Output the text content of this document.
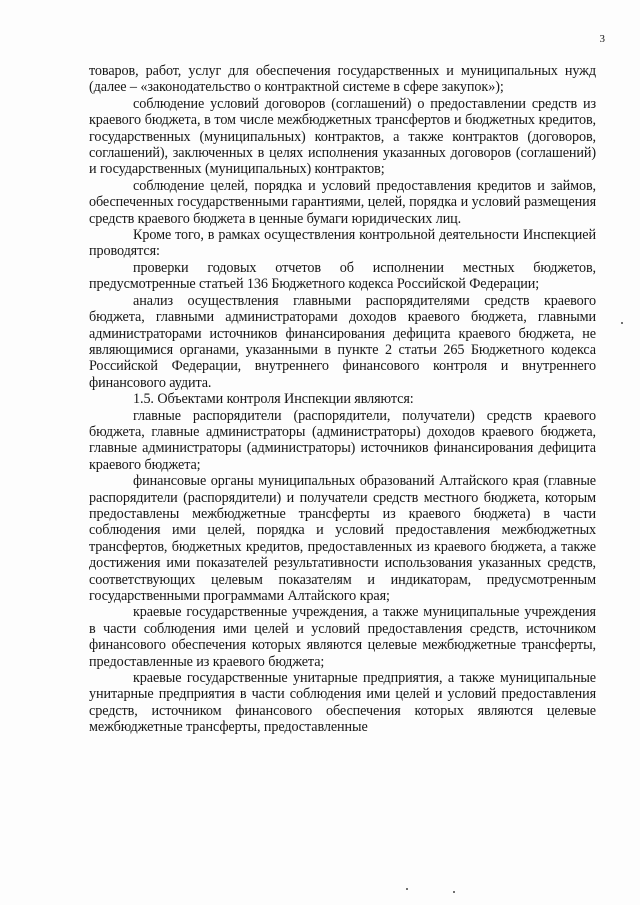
3

товаров, работ, услуг для обеспечения государственных и муниципальных нужд (далее – «законодательство о контрактной системе в сфере закупок»);

соблюдение условий договоров (соглашений) о предоставлении средств из краевого бюджета, в том числе межбюджетных трансфертов и бюджетных кредитов, государственных (муниципальных) контрактов, а также контрактов (договоров, соглашений), заключенных в целях исполнения указанных договоров (соглашений) и государственных (муниципальных) контрактов;

соблюдение целей, порядка и условий предоставления кредитов и займов, обеспеченных государственными гарантиями, целей, порядка и условий размещения средств краевого бюджета в ценные бумаги юридических лиц.

Кроме того, в рамках осуществления контрольной деятельности Инспекцией проводятся:

проверки годовых отчетов об исполнении местных бюджетов, предусмотренные статьей 136 Бюджетного кодекса Российской Федерации;

анализ осуществления главными распорядителями средств краевого бюджета, главными администраторами доходов краевого бюджета, главными администраторами источников финансирования дефицита краевого бюджета, не являющимися органами, указанными в пункте 2 статьи 265 Бюджетного кодекса Российской Федерации, внутреннего финансового контроля и внутреннего финансового аудита.

1.5. Объектами контроля Инспекции являются:

главные распорядители (распорядители, получатели) средств краевого бюджета, главные администраторы (администраторы) доходов краевого бюджета, главные администраторы (администраторы) источников финансирования дефицита краевого бюджета;

финансовые органы муниципальных образований Алтайского края (главные распорядители (распорядители) и получатели средств местного бюджета, которым предоставлены межбюджетные трансферты из краевого бюджета) в части соблюдения ими целей, порядка и условий предоставления межбюджетных трансфертов, бюджетных кредитов, предоставленных из краевого бюджета, а также достижения ими показателей результативности использования указанных средств, соответствующих целевым показателям и индикаторам, предусмотренным государственными программами Алтайского края;

краевые государственные учреждения, а также муниципальные учреждения в части соблюдения ими целей и условий предоставления средств, источником финансового обеспечения которых являются целевые межбюджетные трансферты, предоставленные из краевого бюджета;

краевые государственные унитарные предприятия, а также муниципальные унитарные предприятия в части соблюдения ими целей и условий предоставления средств, источником финансового обеспечения которых являются целевые межбюджетные трансферты, предоставленные
